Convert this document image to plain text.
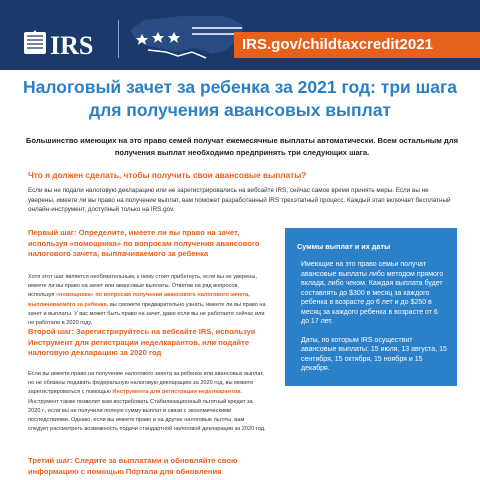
IRS	IRS.gov/childtaxcredit2021
Налоговый зачет за ребенка за 2021 год: три шага для получения авансовых выплат
Большинство имеющих на это право семей получат ежемесячные выплаты автоматически. Всем остальным для получения выплат необходимо предпринять три следующих шага.
Что я должен сделать, чтобы получить свои авансовые выплаты?
Если вы не подали налоговую декларацию или не зарегистрировались на вебсайте IRS, сейчас самое время принять меры. Если вы не уверены, имеете ли вы право на получение выплат, вам поможет разработанный IRS трехэтапный процесс. Каждый этап включает бесплатный онлайн-инструмент, доступный только на IRS.gov.
Первый шаг: Определите, имеете ли вы право на зачет, используя «помощника» по вопросам получения авансового налогового зачета, выплачиваемого за ребенка
Хотя этот шаг является необязательным, к нему стоит прибегнуть, если вы не уверены, имеете ли вы право на зачет или авансовые выплаты. Ответив на ряд вопросов, используя «помощника» по вопросам получения авансового налогового зачета, выплачиваемого за ребенка, вы сможете предварительно узнать, имеете ли вы право на зачет и выплаты. У вас может быть право на зачет, даже если вы не работаете сейчас или не работали в 2020 году.
Второй шаг: Зарегистрируйтесь на вебсайте IRS, используя Инструмент для регистрации неделкарантов, или подайте налоговую декларацию за 2020 год
Если вы имеете право на получение налогового зачета за ребенка или авансовых выплат, но не обязаны подавать федеральную налоговую декларацию за 2020 год, вы можете зарегистрироваться с помощью Инструмента для регистрации неделкарантов. Инструмент также позволит вам востребовать Стабилизационный льготный кредит за 2020 г., если вы не получили полную сумму выплат в связи с экономическими последствиями. Однако, если вы имеете право и на другие налоговые льготы, вам следует рассмотреть возможность подачи стандартной налоговой декларации за 2020 год.
Третий шаг: Следите за выплатами и обновляйте свою информацию с помощью Портала для обновления
Суммы выплат и их даты
Имеющие на это право семьи получат авансовые выплаты либо методом прямого вклада, либо чеком. Каждая выплата будет составлять до $300 в месяц за каждого ребенка в возрасте до 6 лет и до $250 в месяц за каждого ребенка в возрасте от 6 до 17 лет.
Даты, по которым IRS осуществит авансовые выплаты: 15 июля, 13 августа, 15 сентября, 15 октября, 15 ноября и 15 декабря.
